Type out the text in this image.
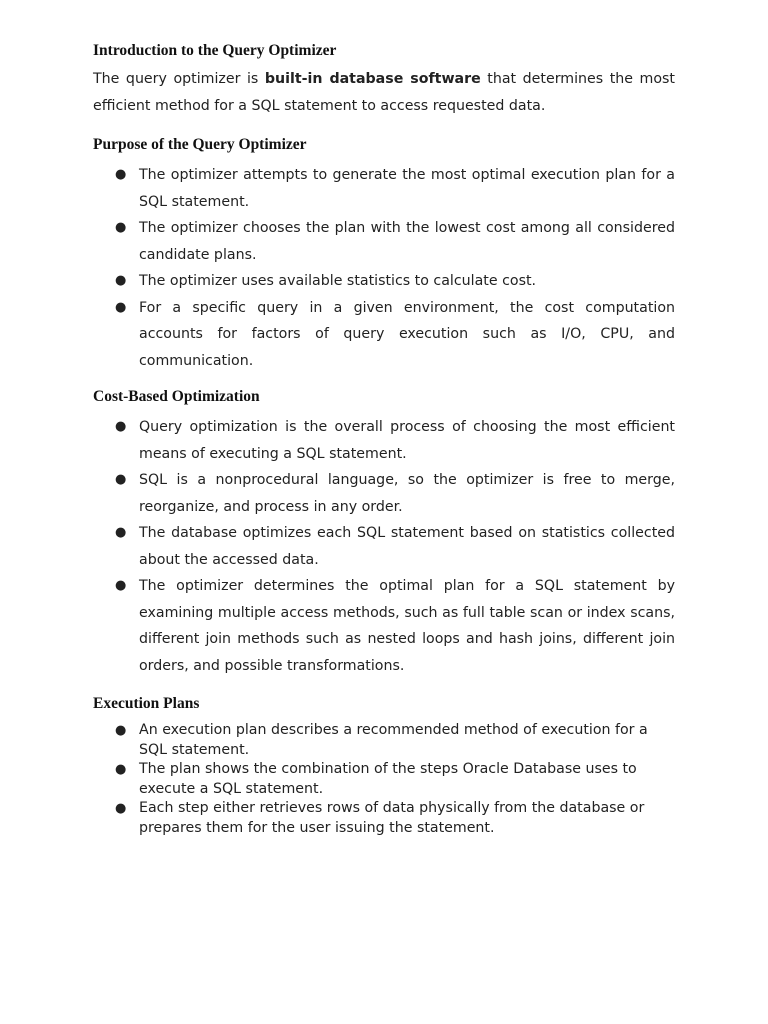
Introduction to the Query Optimizer

The query optimizer is built-in database software that determines the most efficient method for a SQL statement to access requested data.

Purpose of the Query Optimizer
● The optimizer attempts to generate the most optimal execution plan for a SQL statement.
● The optimizer chooses the plan with the lowest cost among all considered candidate plans.
● The optimizer uses available statistics to calculate cost.
● For a specific query in a given environment, the cost computation accounts for factors of query execution such as I/O, CPU, and communication.
Cost-Based Optimization
● Query optimization is the overall process of choosing the most efficient means of executing a SQL statement.
● SQL is a nonprocedural language, so the optimizer is free to merge, reorganize, and process in any order.
● The database optimizes each SQL statement based on statistics collected about the accessed data.
● The optimizer determines the optimal plan for a SQL statement by examining multiple access methods, such as full table scan or index scans, different join methods such as nested loops and hash joins, different join orders, and possible transformations.
Execution Plans
● An execution plan describes a recommended method of execution for a SQL statement.
● The plan shows the combination of the steps Oracle Database uses to execute a SQL statement.
● Each step either retrieves rows of data physically from the database or prepares them for the user issuing the statement.
